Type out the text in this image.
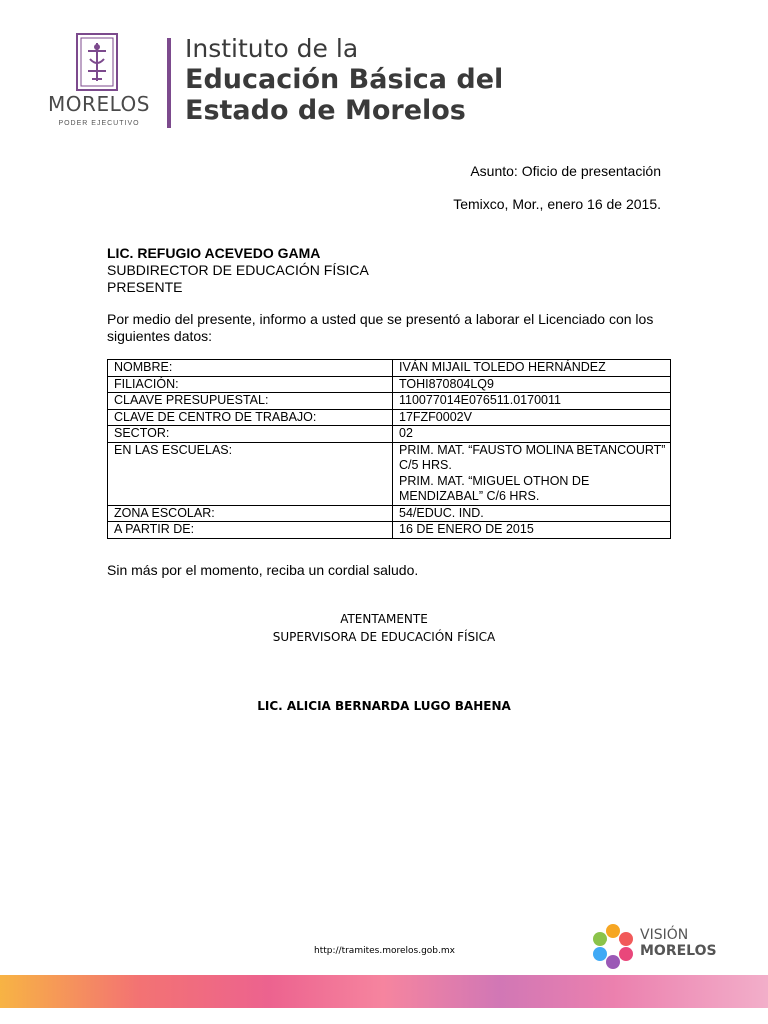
MORELOS
PODER EJECUTIVO
Instituto de la
Educación Básica del
Estado de Morelos
Asunto: Oficio de presentación
Temixco, Mor., enero 16 de 2015.
LIC. REFUGIO ACEVEDO GAMA
SUBDIRECTOR DE EDUCACIÓN FÍSICA
PRESENTE
Por medio del presente, informo a usted que se presentó a laborar el Licenciado con los siguientes datos:
NOMBRE:	IVÁN MIJAIL TOLEDO HERNÁNDEZ

FILIACIÓN:	TOHI870804LQ9

CLAAVE PRESUPUESTAL:	110077014E076511.0170011

CLAVE DE CENTRO DE TRABAJO:	17FZF0002V

SECTOR:	02

EN LAS ESCUELAS:	PRIM. MAT. “FAUSTO MOLINA BETANCOURT” C/5 HRS.
PRIM. MAT. “MIGUEL OTHON DE MENDIZABAL” C/6 HRS.

ZONA ESCOLAR:	54/EDUC. IND.

A PARTIR DE:	16 DE ENERO DE 2015
Sin más por el momento, reciba un cordial saludo.
ATENTAMENTE
SUPERVISORA DE EDUCACIÓN FÍSICA
LIC. ALICIA BERNARDA LUGO BAHENA
http://tramites.morelos.gob.mx
VISIÓN
MORELOS
